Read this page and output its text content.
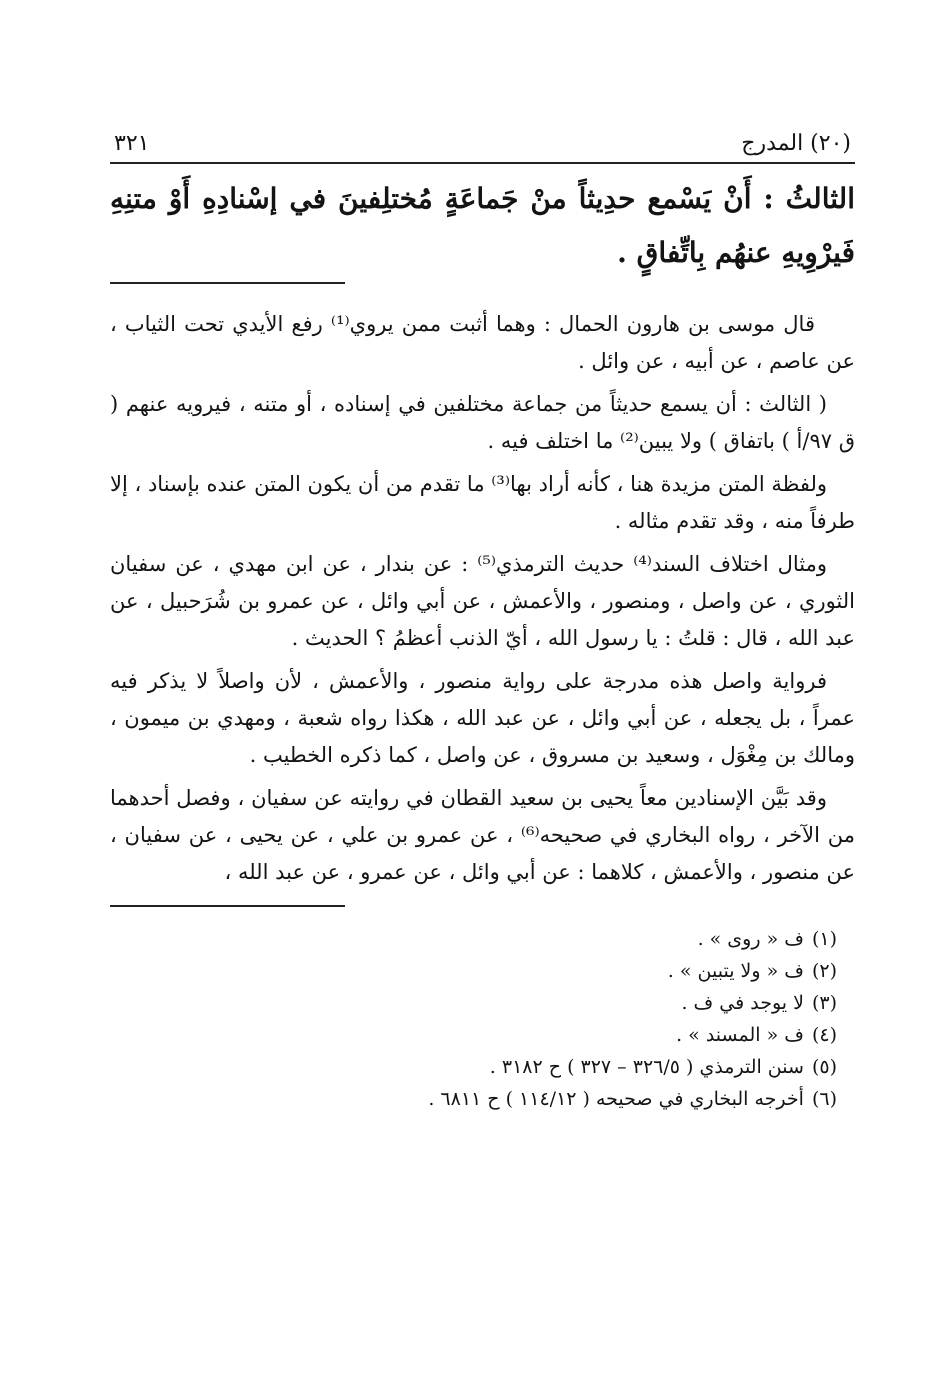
(٢٠) المدرج
٣٢١

الثالثُ : أَنْ يَسْمع حدِيثاً منْ جَماعَةٍ مُختلِفينَ في إسْنادِهِ أَوْ متنِهِ فَيرْوِيهِ عنهُم بِاتِّفاقٍ .

قال موسى بن هارون الحمال : وهما أثبت ممن يروي⁽¹⁾ رفع الأيدي تحت الثياب ، عن عاصم ، عن أبيه ، عن وائل .

( الثالث : أن يسمع حديثاً من جماعة مختلفين في إسناده ، أو متنه ، فيرويه عنهم ( ق ٩٧/أ ) باتفاق ) ولا يبين⁽²⁾ ما اختلف فيه .

ولفظة المتن مزيدة هنا ، كأنه أراد بها⁽³⁾ ما تقدم من أن يكون المتن عنده بإسناد ، إلا طرفاً منه ، وقد تقدم مثاله .

ومثال اختلاف السند⁽⁴⁾ حديث الترمذي⁽⁵⁾ : عن بندار ، عن ابن مهدي ، عن سفيان الثوري ، عن واصل ، ومنصور ، والأعمش ، عن أبي وائل ، عن عمرو بن شُرَحبيل ، عن عبد الله ، قال : قلتُ : يا رسول الله ، أيّ الذنب أعظمُ ؟ الحديث .

فرواية واصل هذه مدرجة على رواية منصور ، والأعمش ، لأن واصلاً لا يذكر فيه عمراً ، بل يجعله ، عن أبي وائل ، عن عبد الله ، هكذا رواه شعبة ، ومهدي بن ميمون ، ومالك بن مِغْوَل ، وسعيد بن مسروق ، عن واصل ، كما ذكره الخطيب .

وقد بَيَّن الإسنادين معاً يحيى بن سعيد القطان في روايته عن سفيان ، وفصل أحدهما من الآخر ، رواه البخاري في صحيحه⁽⁶⁾ ، عن عمرو بن علي ، عن يحيى ، عن سفيان ، عن منصور ، والأعمش ، كلاهما : عن أبي وائل ، عن عمرو ، عن عبد الله ،

(١)
ف « روى » .
(٢)
ف « ولا يتبين » .
(٣)
لا يوجد في ف .
(٤)
ف « المسند » .
(٥)
سنن الترمذي ( ٣٢٦/٥ – ٣٢٧ ) ح ٣١٨٢ .
(٦)
أخرجه البخاري في صحيحه ( ١١٤/١٢ ) ح ٦٨١١ .
